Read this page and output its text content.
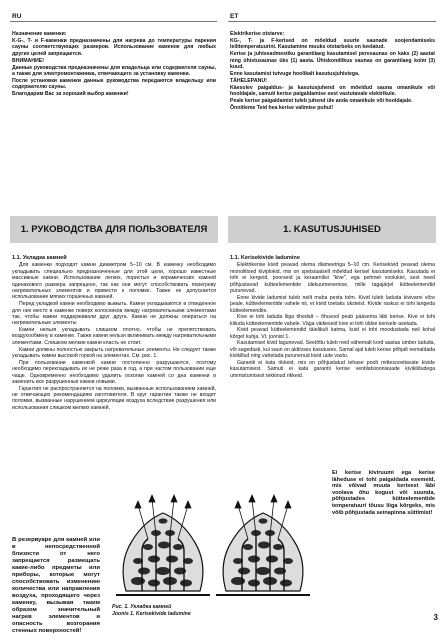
RU	ET

Назначение каменки:

K-G-, T- и F-каменки предназначены для нагрева до температуры парения сауны соответствующих размеров. Использование каменок для любых других целей запрещается.

ВНИМАНИЕ!

Данные руководства предназначены для владельца или содержателя сауны, а также для электромонтажника, отвечающего за установку каменки.

После установки каменки данные руководства передаются владельцу или содержателю сауны.

Благодарим Вас за хороший выбор каменки!

Elektrikerise otstarve:

KG-, T- ja F-kerised on mõeldud suurte saunade soojendamiseks leilitemperatuurini. Kasutamine muuks otstarbeks on keelatud.

Kerise ja juhtseadmestiku garantiiaeg kasutamisel peresaunas on kaks (2) aastat ning ühistusaunas üks (1) aasta. Ühiskondlikus saunas on garantiiaeg kolm (3) kuud.

Enne kasutamist tutvuge hoolikalt kasutusjuhistega.

TÄHELEPANU!

Käesolev paigaldus- ja kasutusjuhend on mõeldud sauna omanikule või hooldajale, samuti kerise paigaldamise eest vastutavale elektrikule.

Peale kerise paigaldamist tuleb juhend üle anda omanikule või hooldajale.

Õnnitleme Teid hea kerise valimise puhul!

1. РУКОВОДСТВА ДЛЯ ПОЛЬЗОВАТЕЛЯ	1. KASUTUSJUHISED
1.1. Укладка камней

Для каменки подходят камни диаметром 5–10 см. В каменку необходимо укладывать специально предназначенные для этой цели, хорошо известные массивные камни. Использование легких, пористых и керамических камней одинакового размера запрещено, так как они могут способствовать перегреву нагревательных элементов и привести к поломке. Также не допускается использование мягких горшечных камней.

Перед укладкой камни необходимо вымыть. Камни укладываются в отведенное для них место в каменке поверх колосников между нагревательными элементами так, чтобы камни поддерживали друг друга. Камни не должны опираться на нагревательные элементы

Камни нельзя укладывать слишком плотно, чтобы не препятствовать воздухообмену в каменке. Также камни нельзя вклинивать между нагревательными элементами. Слишком мелкие камни класть не стоит.

Камни должны полностью закрыть нагревательные элементы. Не следует также укладывать камни высокой горкой на элементах. См. рис. 1.

При пользовании каменкой камни постепенно разрушаются, поэтому необходимо перекладывать их не реже раза в год, а при частом пользовании еще чаще. Одновременно необходимо удалить осколки камней со дна каменки и заменить все разрушенные камни новыми.

Гарантия не распространяется на поломки, вызванные использованием камней, не отвечающих рекомендациям изготовителя. В круг гарантии также не входят поломки, вызванные нарушением циркуляции воздуха вследствие разрушения или использования слишком мелких камней.

1.1. Kerisekivide ladumine

Elektrikerise kivid peavad olema diameetriga 5–10 cm. Kerisekivid peavad olema monoliitsed kiviplokid, mis on spetsiaalselt mõeldud kerisel kasutamiseks. Kasutada ei tohi ei kergeid, poorseid ja keraamilisi "kive", ega pehmet voolukivi, sest need põhjustavad kütteelementide ülekuumenemise, mille tagajärjel kütteelemendid purunevad.

Enne kivide ladumist tuleb neilt maha pesta tolm. Kivid tuleb laduda kivivarni võre peale, kütteelementide vahele nii, et kivid toetaks üksteist. Kivide raskus ei tohi langeda kütteelemendile.

Kive ei tohi laduda liiga tihedalt – õhuvool peab pääsema läbi kerise. Kive ei tohi kiiluda kütteelementide vahele. Väga väikeseid kive ei tohi üldse kerisele asetada.

Kivid peavad kütteelemendid täielikult katma, kuid ei tohi moodustada neil kohal kõrget kuhja. Vt. joonist 1.

Kasutamisel kivid lagunevad. Seetõttu tuleb neid vähemalt kord aastas ümber laduda, või sagedasti, kui saun on aktiivses kasutuses. Samal ajal tuleb kerise põhjalt eemaldada kivikillud ning vahetada purunenud kivid uute vastu.

Garantii ei kata rikkeid, mis on põhjustatud tehase poolt mittesoovitavate kivide kasutamisest. Samuti ei kata garantii kerise ventilatsiooniavade kivikildudega ummistumisest tekkinud rikkeid.

В резервуаре для камней или в непосредственной близости от него запрещается размещать какие-либо предметы или приборы, которые могут способствовать изменению количества или направления воздуха, проходящего через каменку, вызывая таким образом значительный нагрев элементов и опасность возгорания стенных поверхностей!

Ei kerise kiviruumi ega kerise läheduse ei tohi paigaldada esemeid, mis võivad muuta kerisest läbi voolava õhu kogust või suunda, põhjustades kütteelementide temperatuuri tõusu liiga kõrgeks, mis võib põhjustada seinapinna süttimist!

Рис. 1. Укладка камней
Joonis 1. Kerisekivide ladumine	3
